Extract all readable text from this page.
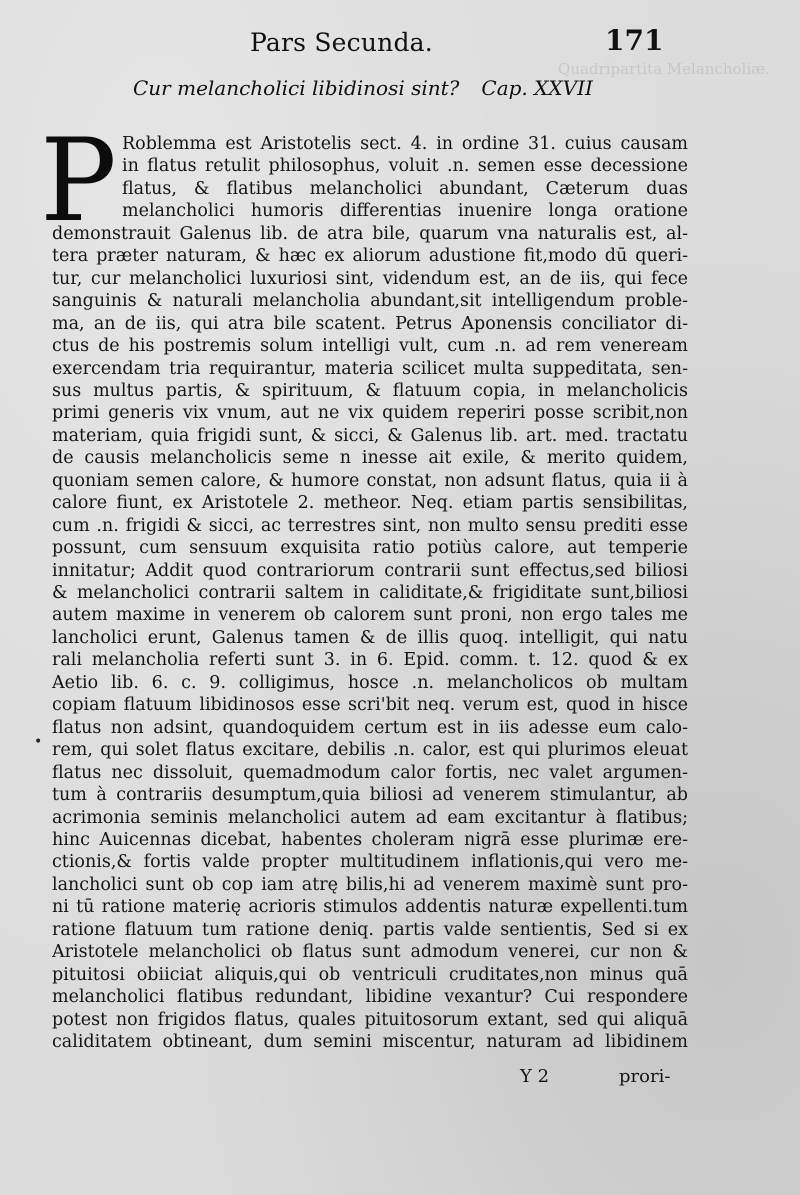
Quadripartita Melancholiæ.
Pars Secunda.	171
Cur melancholici libidinosi sint? Cap. XXVII
P
•
Roblemma est Aristotelis sect. 4. in ordine 31. cuius causam
in flatus retulit philosophus, voluit .n. semen esse decessione
flatus, & flatibus melancholici abundant, Cæterum duas
melancholici humoris differentias inuenire longa oratione
demonstrauit Galenus lib. de atra bile, quarum vna naturalis est, al-
tera præter naturam, & hæc ex aliorum adustione fit,modo dū queri-
tur, cur melancholici luxuriosi sint, videndum est, an de iis, qui fece
sanguinis & naturali melancholia abundant,sit intelligendum proble-
ma, an de iis, qui atra bile scatent. Petrus Aponensis conciliator di-
ctus de his postremis solum intelligi vult, cum .n. ad rem veneream
exercendam tria requirantur, materia scilicet multa suppeditata, sen-
sus multus partis, & spirituum, & flatuum copia, in melancholicis
primi generis vix vnum, aut ne vix quidem reperiri posse scribit,non
materiam, quia frigidi sunt, & sicci, & Galenus lib. art. med. tractatu
de causis melancholicis seme n inesse ait exile, & merito quidem,
quoniam semen calore, & humore constat, non adsunt flatus, quia ii à
calore fiunt, ex Aristotele 2. metheor. Neq. etiam partis sensibilitas,
cum .n. frigidi & sicci, ac terrestres sint, non multo sensu prediti esse
possunt, cum sensuum exquisita ratio potiùs calore, aut temperie
innitatur; Addit quod contrariorum contrarii sunt effectus,sed biliosi
& melancholici contrarii saltem in caliditate,& frigiditate sunt,biliosi
autem maxime in venerem ob calorem sunt proni, non ergo tales me
lancholici erunt, Galenus tamen & de illis quoq. intelligit, qui natu
rali melancholia referti sunt 3. in 6. Epid. comm. t. 12. quod & ex
Aetio lib. 6. c. 9. colligimus, hosce .n. melancholicos ob multam
copiam flatuum libidinosos esse scri'bit neq. verum est, quod in hisce
flatus non adsint, quandoquidem certum est in iis adesse eum calo-
rem, qui solet flatus excitare, debilis .n. calor, est qui plurimos eleuat
flatus nec dissoluit, quemadmodum calor fortis, nec valet argumen-
tum à contrariis desumptum,quia biliosi ad venerem stimulantur, ab
acrimonia seminis melancholici autem ad eam excitantur à flatibus;
hinc Auicennas dicebat, habentes choleram nigrā esse plurimæ ere-
ctionis,& fortis valde propter multitudinem inflationis,qui vero me-
lancholici sunt ob cop iam atrę bilis,hi ad venerem maximè sunt pro-
ni tū ratione materię acrioris stimulos addentis naturæ expellenti.tum
ratione flatuum tum ratione deniq. partis valde sentientis, Sed si ex
Aristotele melancholici ob flatus sunt admodum venerei, cur non &
pituitosi obiiciat aliquis,qui ob ventriculi cruditates,non minus quā
melancholici flatibus redundant, libidine vexantur? Cui respondere
potest non frigidos flatus, quales pituitosorum extant, sed qui aliquā
caliditatem obtineant, dum semini miscentur, naturam ad libidinem
Y 2	prori-
